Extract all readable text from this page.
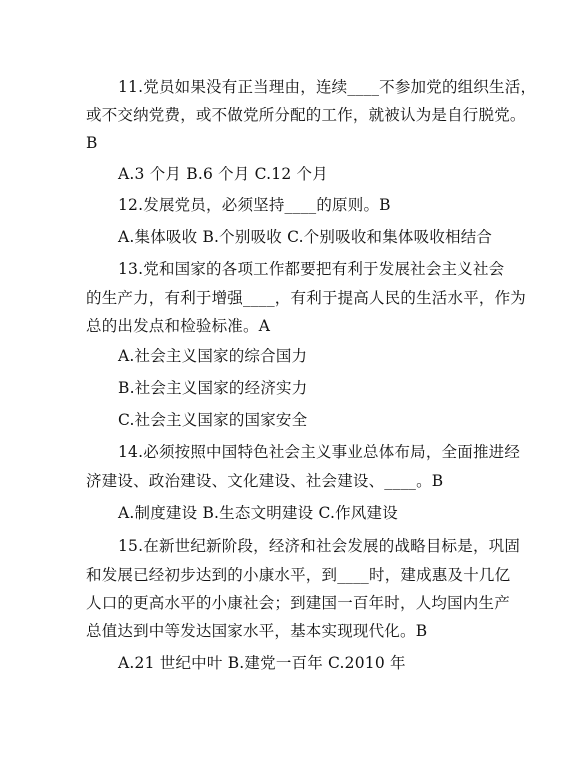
11.党员如果没有正当理由，连续____不参加党的组织生活，
或不交纳党费，或不做党所分配的工作，就被认为是自行脱党。
B
A.3 个月 B.6 个月 C.12 个月
12.发展党员，必须坚持____的原则。B
A.集体吸收 B.个别吸收 C.个别吸收和集体吸收相结合
13.党和国家的各项工作都要把有利于发展社会主义社会
的生产力，有利于增强____，有利于提高人民的生活水平，作为
总的出发点和检验标准。A
A.社会主义国家的综合国力
B.社会主义国家的经济实力
C.社会主义国家的国家安全
14.必须按照中国特色社会主义事业总体布局，全面推进经
济建设、政治建设、文化建设、社会建设、____。B
A.制度建设 B.生态文明建设 C.作风建设
15.在新世纪新阶段，经济和社会发展的战略目标是，巩固
和发展已经初步达到的小康水平，到____时，建成惠及十几亿
人口的更高水平的小康社会；到建国一百年时，人均国内生产
总值达到中等发达国家水平，基本实现现代化。B
A.21 世纪中叶 B.建党一百年 C.2010 年
